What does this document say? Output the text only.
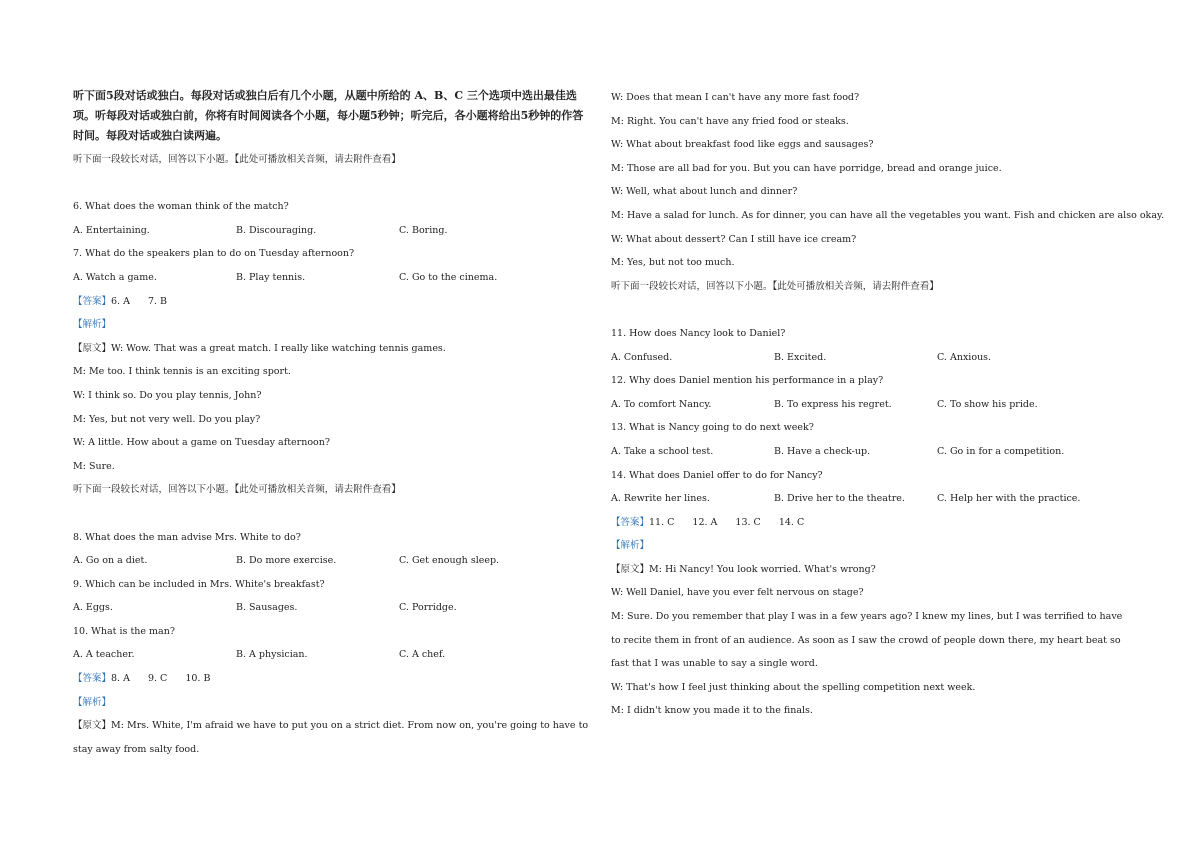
听下面5段对话或独白。每段对话或独白后有几个小题，从题中所给的 A、B、C 三个选项中选出最佳选项。听每段对话或独白前，你将有时间阅读各个小题，每小题5秒钟；听完后，各小题将给出5秒钟的作答时间。每段对话或独白读两遍。
听下面一段较长对话，回答以下小题。【此处可播放相关音频，请去附件查看】
6. What does the woman think of the match?
A. Entertaining.	B. Discouraging.	C. Boring.
7. What do the speakers plan to do on Tuesday afternoon?
A. Watch a game.	B. Play tennis.	C. Go to the cinema.
【答案】6. A 7. B
【解析】
【原文】W: Wow. That was a great match. I really like watching tennis games.
M: Me too. I think tennis is an exciting sport.
W: I think so. Do you play tennis, John?
M: Yes, but not very well. Do you play?
W: A little. How about a game on Tuesday afternoon?
M: Sure.
听下面一段较长对话，回答以下小题。【此处可播放相关音频，请去附件查看】
8. What does the man advise Mrs. White to do?
A. Go on a diet.	B. Do more exercise.	C. Get enough sleep.
9. Which can be included in Mrs. White's breakfast?
A. Eggs.	B. Sausages.	C. Porridge.
10. What is the man?
A. A teacher.	B. A physician.	C. A chef.
【答案】8. A 9. C 10. B
【解析】
【原文】M: Mrs. White, I'm afraid we have to put you on a strict diet. From now on, you're going to have to stay away from salty food.
W: Does that mean I can't have any more fast food?
M: Right. You can't have any fried food or steaks.
W: What about breakfast food like eggs and sausages?
M: Those are all bad for you. But you can have porridge, bread and orange juice.
W: Well, what about lunch and dinner?
M: Have a salad for lunch. As for dinner, you can have all the vegetables you want. Fish and chicken are also okay.
W: What about dessert? Can I still have ice cream?
M: Yes, but not too much.
听下面一段较长对话，回答以下小题。【此处可播放相关音频，请去附件查看】
11. How does Nancy look to Daniel?
A. Confused.	B. Excited.	C. Anxious.
12. Why does Daniel mention his performance in a play?
A. To comfort Nancy.	B. To express his regret.	C. To show his pride.
13. What is Nancy going to do next week?
A. Take a school test.	B. Have a check-up.	C. Go in for a competition.
14. What does Daniel offer to do for Nancy?
A. Rewrite her lines.	B. Drive her to the theatre.	C. Help her with the practice.
【答案】11. C 12. A 13. C 14. C
【解析】
【原文】M: Hi Nancy! You look worried. What's wrong?
W: Well Daniel, have you ever felt nervous on stage?
M: Sure. Do you remember that play I was in a few years ago? I knew my lines, but I was terrified to have to recite them in front of an audience. As soon as I saw the crowd of people down there, my heart beat so fast that I was unable to say a single word.
W: That's how I feel just thinking about the spelling competition next week.
M: I didn't know you made it to the finals.
